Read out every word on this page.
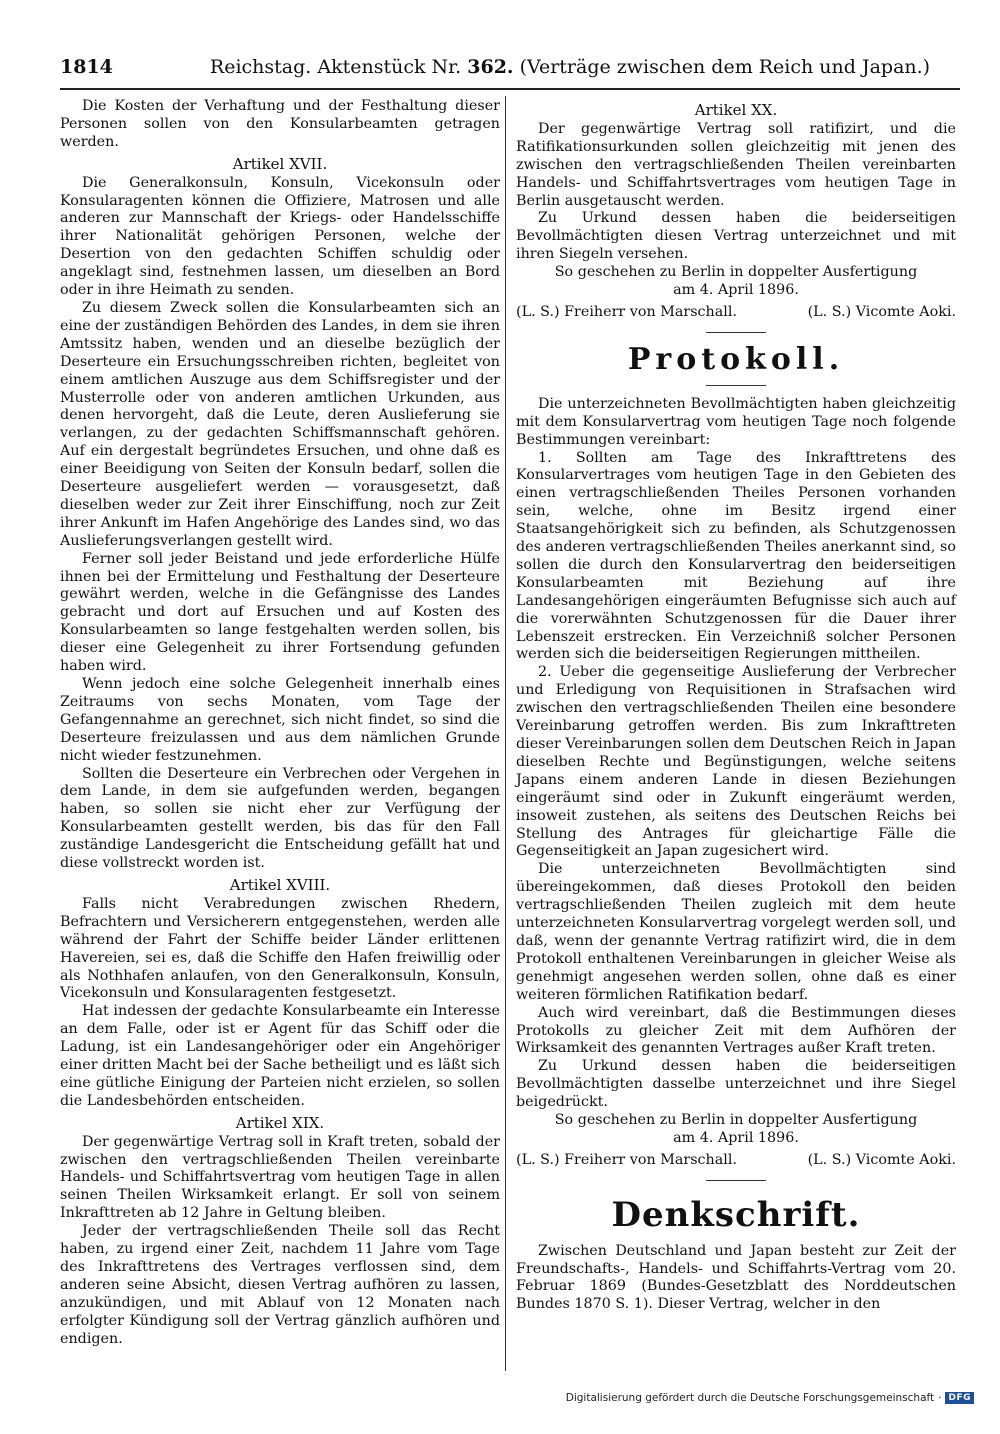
1814	Reichstag. Aktenstück Nr. 362. (Verträge zwischen dem Reich und Japan.)

Die Kosten der Verhaftung und der Festhaltung dieser Personen sollen von den Konsularbeamten getragen werden.

Artikel XVII.

Die Generalkonsuln, Konsuln, Vicekonsuln oder Konsularagenten können die Offiziere, Matrosen und alle anderen zur Mannschaft der Kriegs- oder Handelsschiffe ihrer Nationalität gehörigen Personen, welche der Desertion von den gedachten Schiffen schuldig oder angeklagt sind, festnehmen lassen, um dieselben an Bord oder in ihre Heimath zu senden.

Zu diesem Zweck sollen die Konsularbeamten sich an eine der zuständigen Behörden des Landes, in dem sie ihren Amtssitz haben, wenden und an dieselbe bezüglich der Deserteure ein Ersuchungsschreiben richten, begleitet von einem amtlichen Auszuge aus dem Schiffsregister und der Musterrolle oder von anderen amtlichen Urkunden, aus denen hervorgeht, daß die Leute, deren Auslieferung sie verlangen, zu der gedachten Schiffsmannschaft gehören. Auf ein dergestalt begründetes Ersuchen, und ohne daß es einer Beeidigung von Seiten der Konsuln bedarf, sollen die Deserteure ausgeliefert werden — vorausgesetzt, daß dieselben weder zur Zeit ihrer Einschiffung, noch zur Zeit ihrer Ankunft im Hafen Angehörige des Landes sind, wo das Auslieferungsverlangen gestellt wird.

Ferner soll jeder Beistand und jede erforderliche Hülfe ihnen bei der Ermittelung und Festhaltung der Deserteure gewährt werden, welche in die Gefängnisse des Landes gebracht und dort auf Ersuchen und auf Kosten des Konsularbeamten so lange festgehalten werden sollen, bis dieser eine Gelegenheit zu ihrer Fortsendung gefunden haben wird.

Wenn jedoch eine solche Gelegenheit innerhalb eines Zeitraums von sechs Monaten, vom Tage der Gefangennahme an gerechnet, sich nicht findet, so sind die Deserteure freizulassen und aus dem nämlichen Grunde nicht wieder festzunehmen.

Sollten die Deserteure ein Verbrechen oder Vergehen in dem Lande, in dem sie aufgefunden werden, begangen haben, so sollen sie nicht eher zur Verfügung der Konsularbeamten gestellt werden, bis das für den Fall zuständige Landesgericht die Entscheidung gefällt hat und diese vollstreckt worden ist.

Artikel XVIII.

Falls nicht Verabredungen zwischen Rhedern, Befrachtern und Versicherern entgegenstehen, werden alle während der Fahrt der Schiffe beider Länder erlittenen Havereien, sei es, daß die Schiffe den Hafen freiwillig oder als Nothhafen anlaufen, von den Generalkonsuln, Konsuln, Vicekonsuln und Konsularagenten festgesetzt.

Hat indessen der gedachte Konsularbeamte ein Interesse an dem Falle, oder ist er Agent für das Schiff oder die Ladung, ist ein Landesangehöriger oder ein Angehöriger einer dritten Macht bei der Sache betheiligt und es läßt sich eine gütliche Einigung der Parteien nicht erzielen, so sollen die Landesbehörden entscheiden.

Artikel XIX.

Der gegenwärtige Vertrag soll in Kraft treten, sobald der zwischen den vertragschließenden Theilen vereinbarte Handels- und Schiffahrtsvertrag vom heutigen Tage in allen seinen Theilen Wirksamkeit erlangt. Er soll von seinem Inkrafttreten ab 12 Jahre in Geltung bleiben.

Jeder der vertragschließenden Theile soll das Recht haben, zu irgend einer Zeit, nachdem 11 Jahre vom Tage des Inkrafttretens des Vertrages verflossen sind, dem anderen seine Absicht, diesen Vertrag aufhören zu lassen, anzukündigen, und mit Ablauf von 12 Monaten nach erfolgter Kündigung soll der Vertrag gänzlich aufhören und endigen.

Artikel XX.

Der gegenwärtige Vertrag soll ratifizirt, und die Ratifikationsurkunden sollen gleichzeitig mit jenen des zwischen den vertragschließenden Theilen vereinbarten Handels- und Schiffahrtsvertrages vom heutigen Tage in Berlin ausgetauscht werden.

Zu Urkund dessen haben die beiderseitigen Bevollmächtigten diesen Vertrag unterzeichnet und mit ihren Siegeln versehen.

So geschehen zu Berlin in doppelter Ausfertigung

am 4. April 1896.

(L. S.) Freiherr von Marschall.	(L. S.) Vicomte Aoki.
Protokoll.

Die unterzeichneten Bevollmächtigten haben gleichzeitig mit dem Konsularvertrag vom heutigen Tage noch folgende Bestimmungen vereinbart:

1. Sollten am Tage des Inkrafttretens des Konsularvertrages vom heutigen Tage in den Gebieten des einen vertragschließenden Theiles Personen vorhanden sein, welche, ohne im Besitz irgend einer Staatsangehörigkeit sich zu befinden, als Schutzgenossen des anderen vertragschließenden Theiles anerkannt sind, so sollen die durch den Konsularvertrag den beiderseitigen Konsularbeamten mit Beziehung auf ihre Landesangehörigen eingeräumten Befugnisse sich auch auf die vorerwähnten Schutzgenossen für die Dauer ihrer Lebenszeit erstrecken. Ein Verzeichniß solcher Personen werden sich die beiderseitigen Regierungen mittheilen.

2. Ueber die gegenseitige Auslieferung der Verbrecher und Erledigung von Requisitionen in Strafsachen wird zwischen den vertragschließenden Theilen eine besondere Vereinbarung getroffen werden. Bis zum Inkrafttreten dieser Vereinbarungen sollen dem Deutschen Reich in Japan dieselben Rechte und Begünstigungen, welche seitens Japans einem anderen Lande in diesen Beziehungen eingeräumt sind oder in Zukunft eingeräumt werden, insoweit zustehen, als seitens des Deutschen Reichs bei Stellung des Antrages für gleichartige Fälle die Gegenseitigkeit an Japan zugesichert wird.

Die unterzeichneten Bevollmächtigten sind übereingekommen, daß dieses Protokoll den beiden vertragschließenden Theilen zugleich mit dem heute unterzeichneten Konsularvertrag vorgelegt werden soll, und daß, wenn der genannte Vertrag ratifizirt wird, die in dem Protokoll enthaltenen Vereinbarungen in gleicher Weise als genehmigt angesehen werden sollen, ohne daß es einer weiteren förmlichen Ratifikation bedarf.

Auch wird vereinbart, daß die Bestimmungen dieses Protokolls zu gleicher Zeit mit dem Aufhören der Wirksamkeit des genannten Vertrages außer Kraft treten.

Zu Urkund dessen haben die beiderseitigen Bevollmächtigten dasselbe unterzeichnet und ihre Siegel beigedrückt.

So geschehen zu Berlin in doppelter Ausfertigung

am 4. April 1896.

(L. S.) Freiherr von Marschall.	(L. S.) Vicomte Aoki.
Denkschrift.

Zwischen Deutschland und Japan besteht zur Zeit der Freundschafts-, Handels- und Schiffahrts-Vertrag vom 20. Februar 1869 (Bundes-Gesetzblatt des Norddeutschen Bundes 1870 S. 1). Dieser Vertrag, welcher in den

Digitalisierung gefördert durch die Deutsche Forschungsgemeinschaft · DFG
